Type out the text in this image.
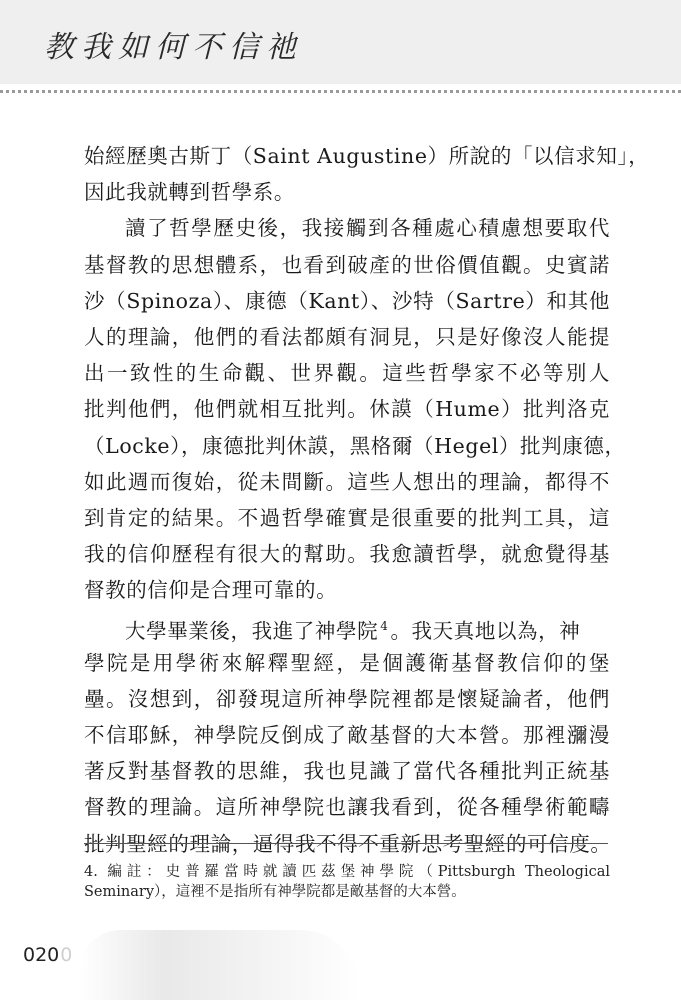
教我如何不信祂
始經歷奧古斯丁（Saint Augustine）所說的「以信求知」，
因此我就轉到哲學系。
讀了哲學歷史後，我接觸到各種處心積慮想要取代
基督教的思想體系，也看到破產的世俗價值觀。史賓諾
沙（Spinoza）、康德（Kant）、沙特（Sartre）和其他
人的理論，他們的看法都頗有洞見，只是好像沒人能提
出一致性的生命觀、世界觀。這些哲學家不必等別人
批判他們，他們就相互批判。休謨（Hume）批判洛克
（Locke），康德批判休謨，黑格爾（Hegel）批判康德，
如此週而復始，從未間斷。這些人想出的理論，都得不
到肯定的結果。不過哲學確實是很重要的批判工具，這
我的信仰歷程有很大的幫助。我愈讀哲學，就愈覺得基
督教的信仰是合理可靠的。
大學畢業後，我進了神學院 $^4$。我天真地以為，神
學院是用學術來解釋聖經，是個護衛基督教信仰的堡
壘。沒想到，卻發現這所神學院裡都是懷疑論者，他們
不信耶穌，神學院反倒成了敵基督的大本營。那裡瀰漫
著反對基督教的思維，我也見識了當代各種批判正統基
督教的理論。這所神學院也讓我看到，從各種學術範疇
批判聖經的理論，逼得我不得不重新思考聖經的可信度。
4. 編註：史普羅當時就讀匹茲堡神學院（Pittsburgh Theological
Seminary），這裡不是指所有神學院都是敵基督的大本營。
0200
